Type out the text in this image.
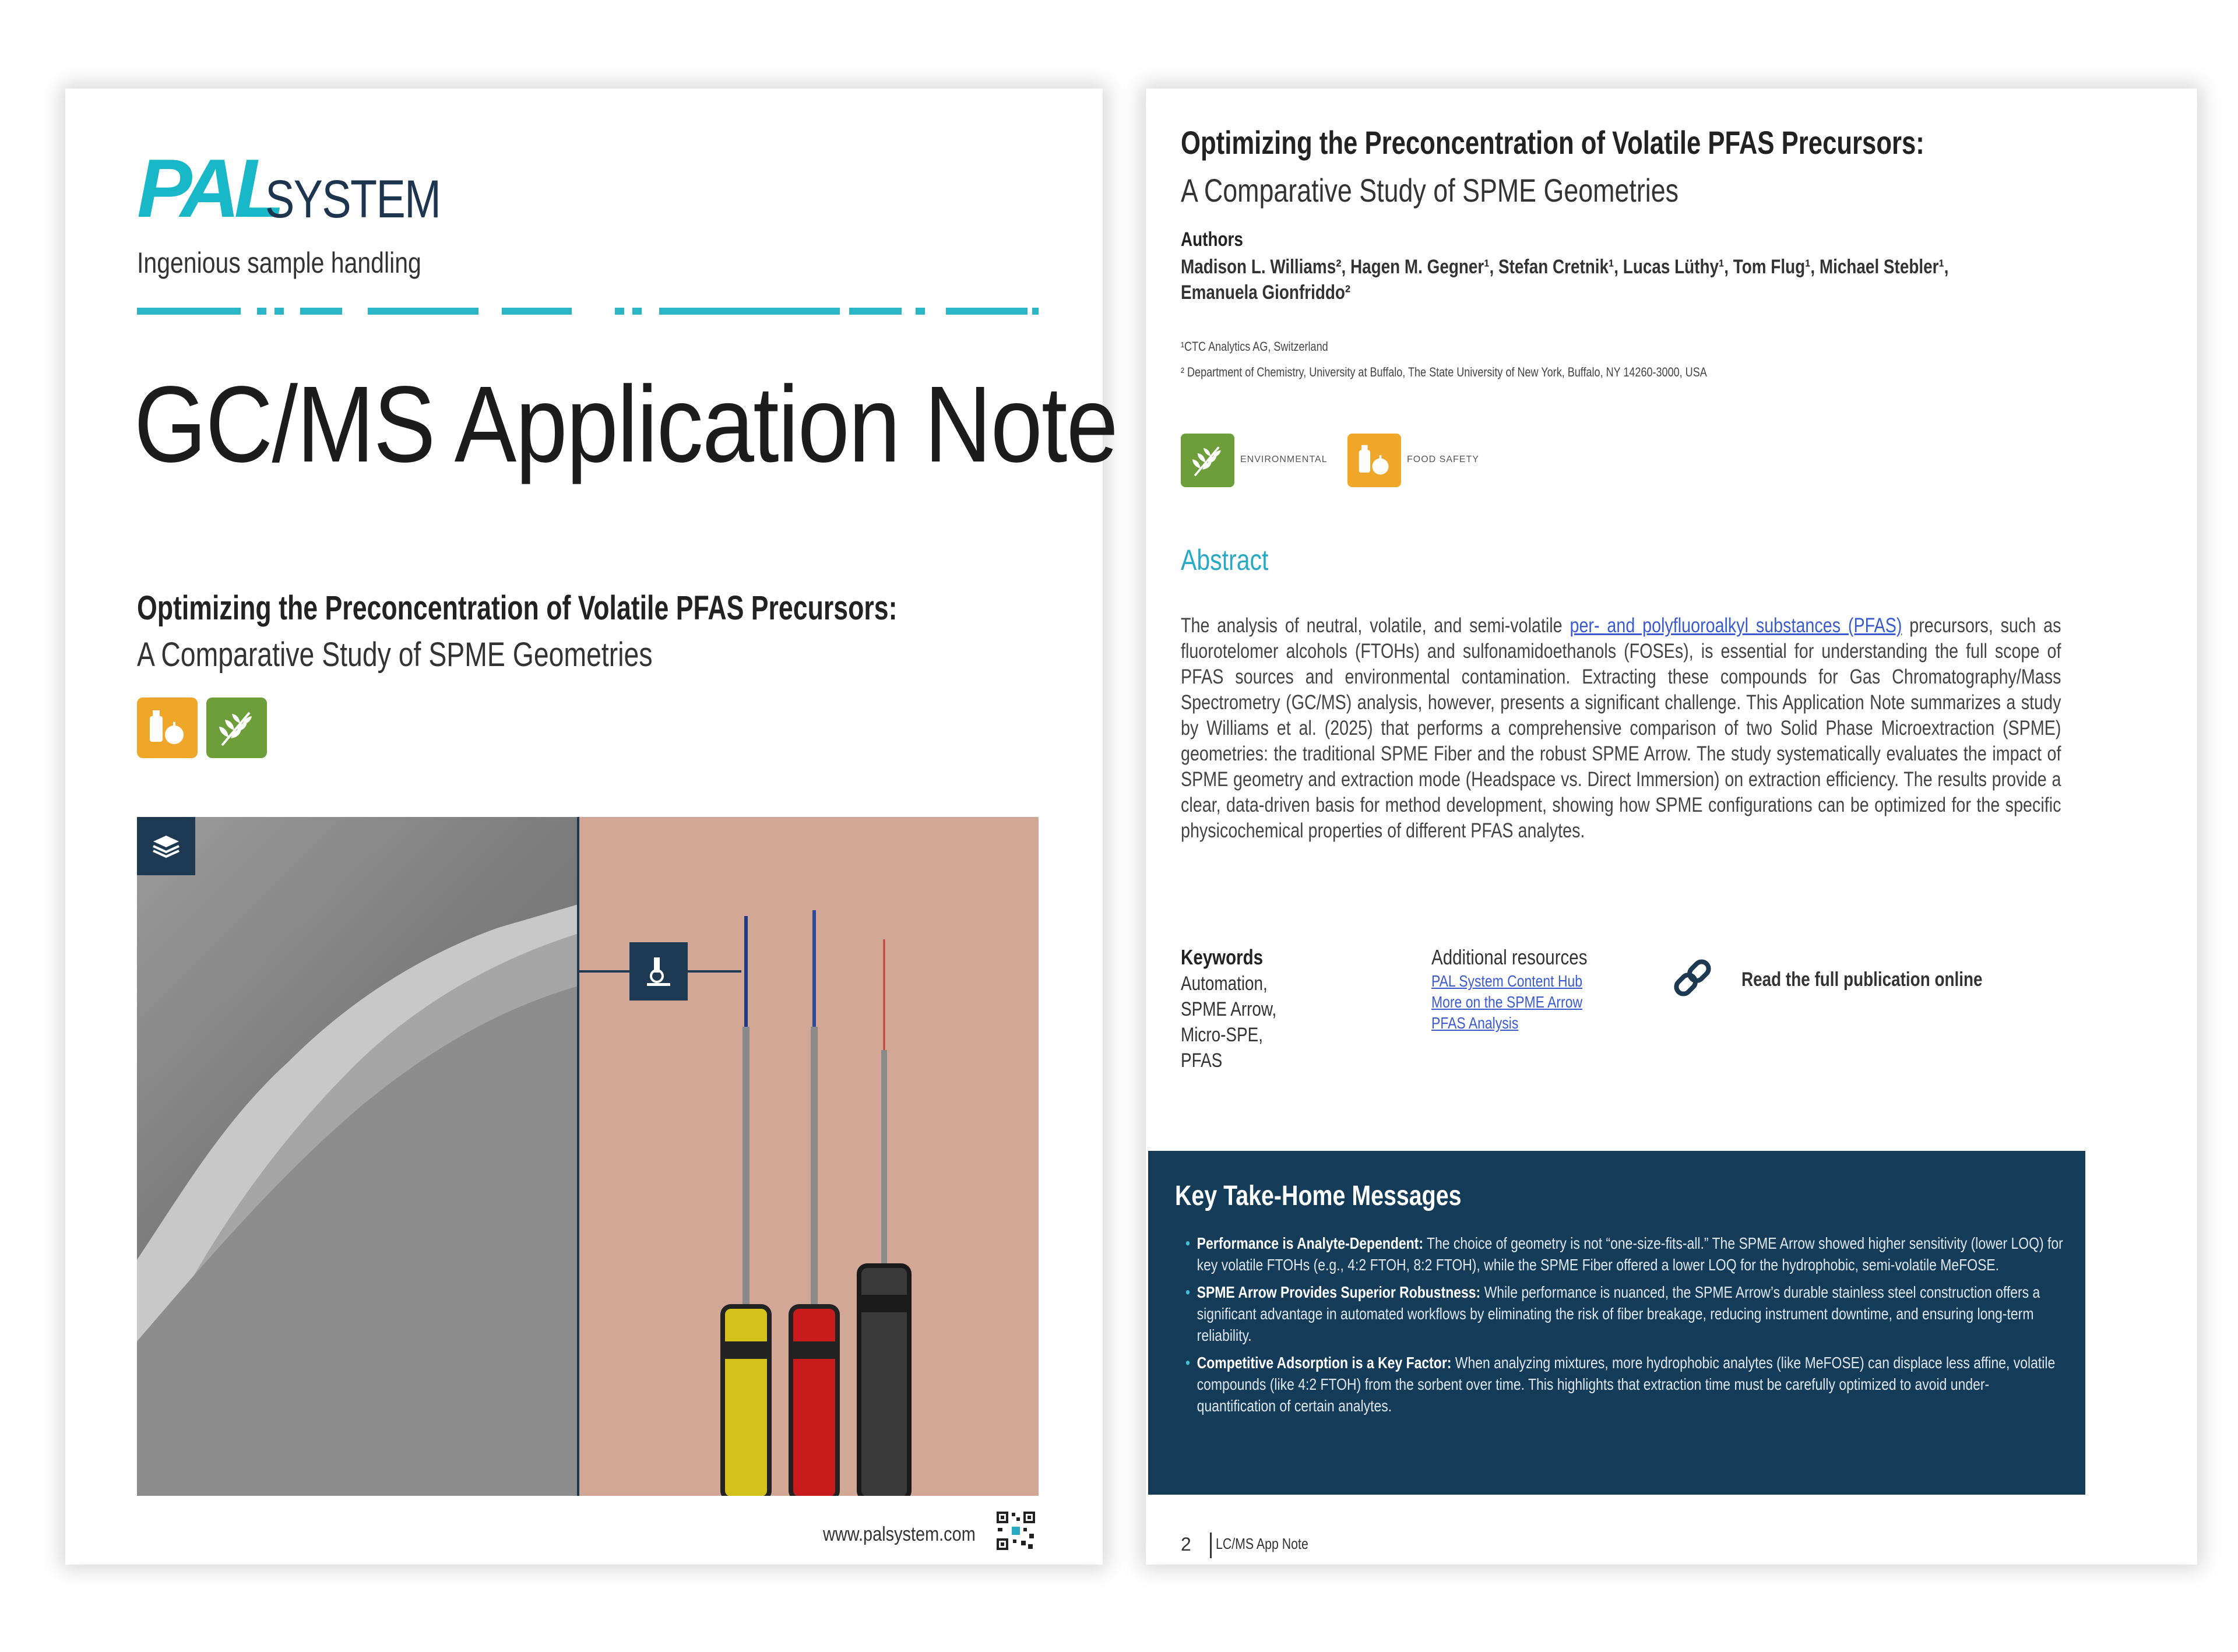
PAL
SYSTEM
Ingenious sample handling
GC/MS Application Note
Optimizing the Preconcentration of Volatile PFAS Precursors:
A Comparative Study of SPME Geometries
www.palsystem.com
Optimizing the Preconcentration of Volatile PFAS Precursors:
A Comparative Study of SPME Geometries
Authors
Madison L. Williams², Hagen M. Gegner¹, Stefan Cretnik¹, Lucas Lüthy¹, Tom Flug¹, Michael Stebler¹, Emanuela Gionfriddo²
¹CTC Analytics AG, Switzerland
² Department of Chemistry, University at Buffalo, The State University of New York, Buffalo, NY 14260-3000, USA
ENVIRONMENTAL	FOOD SAFETY
Abstract
The analysis of neutral, volatile, and semi-volatile per- and polyfluoroalkyl substances (PFAS) precursors, such as fluorotelomer alcohols (FTOHs) and sulfonamidoethanols (FOSEs), is essential for understanding the full scope of PFAS sources and environmental contamination. Extracting these compounds for Gas Chromatography/Mass Spectrometry (GC/MS) analysis, however, presents a significant challenge. This Application Note summarizes a study by Williams et al. (2025) that performs a comprehensive comparison of two Solid Phase Microextraction (SPME) geometries: the traditional SPME Fiber and the robust SPME Arrow. The study systematically evaluates the impact of SPME geometry and extraction mode (Headspace vs. Direct Immersion) on extraction efficiency. The results provide a clear, data-driven basis for method development, showing how SPME configurations can be optimized for the specific physicochemical properties of different PFAS analytes.
Keywords
Automation, SPME Arrow, Micro-SPE, PFAS
Additional resources
PAL System Content Hub
More on the SPME Arrow
PFAS Analysis
Read the full publication online
Key Take-Home Messages
• Performance is Analyte-Dependent: The choice of geometry is not “one-size-fits-all.” The SPME Arrow showed higher sensitivity (lower LOQ) for key volatile FTOHs (e.g., 4:2 FTOH, 8:2 FTOH), while the SPME Fiber offered a lower LOQ for the hydrophobic, semi-volatile MeFOSE.
• SPME Arrow Provides Superior Robustness: While performance is nuanced, the SPME Arrow’s durable stainless steel construction offers a significant advantage in automated workflows by eliminating the risk of fiber breakage, reducing instrument downtime, and ensuring long-term reliability.
• Competitive Adsorption is a Key Factor: When analyzing mixtures, more hydrophobic analytes (like MeFOSE) can displace less affine, volatile compounds (like 4:2 FTOH) from the sorbent over time. This highlights that extraction time must be carefully optimized to avoid under-quantification of certain analytes.
2 LC/MS App Note
